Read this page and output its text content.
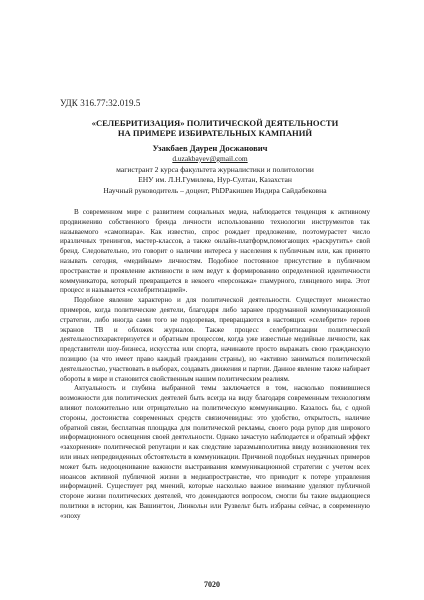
УДК 316.77:32.019.5
«СЕЛЕБРИТИЗАЦИЯ» ПОЛИТИЧЕСКОЙ ДЕЯТЕЛЬНОСТИ
НА ПРИМЕРЕ ИЗБИРАТЕЛЬНЫХ КАМПАНИЙ
Узакбаев Даурен Досжанович
d.uzakbayev@gmail.com
магистрант 2 курса факультета журналистики и политологии
ЕНУ им. Л.Н.Гумилева, Нур-Султан, Казахстан
Научный руководитель – доцент, PhDРакишев Индира Сайдабековна

В современном мире с развитием социальных медиа, наблюдается тенденция к активному продвижению собственного бренда личности использованию технологии инструментов так называемого «самопиара». Как известно, спрос рождает предложение, поэтомурастет число иразличных тренингов, мастер-классов, а также онлайн-платформ,помогающих «раскрутить» свой бренд. Следовательно, это говорит о наличии интереса у населения к публичным или, как принято называть сегодня, «медийным» личностям. Подобное постоянное присутствие в публичном пространстве и проявление активности в нем ведут к формированию определенной идентичности коммуникатора, который превращается в некоего «персонажа» гламурного, глянцевого мира. Этот процесс и называется «селебритизацией».

Подобное явление характерно и для политической деятельности. Существует множество примеров, когда политические деятели, благодаря либо заранее продуманной коммуникационной стратегии, либо иногда сами того не подозревая, превращаются в настоящих «селебрити» героев экранов ТВ и обложек журналов. Также процесс селебритизации политической деятельностихарактеризуется и обратным процессом, когда уже известные медийные личности, как представители шоу-бизнеса, искусства или спорта, начинаюте просто выражать свою гражданскую позицию (за что имеет право каждый гражданин страны), но «активно заниматься политической деятельностью, участвовать в выборах, создавать движения и партии. Данное явление также набирает обороты в мире и становится свойственным нашим политическим реалиям.

Актуальность и глубина выбранной темы заключается в том, насколько появившиеся возможности для политических деятелей быть всегда на виду благодаря современным технологиям влияют положительно или отрицательно на политическую коммуникацию. Казалось бы, с одной стороны, достоинства современных средств связиочевидны: это удобство, открытость, наличие обратной связи, бесплатная площадка для политической рекламы, своего рода рупор для широкого информационного освещения своей деятельности. Однако зачастую наблюдается и обратный эффект «захорнения» политической репутации и как следствие заразмывполитика ввиду возникновения тех или иных непредвиденных обстоятельств в коммуникации. Причиной подобных неудачных примеров может быть недооценивание важности выстраивания коммуникационной стратегии с учетом всех нюансов активной публичной жизни в медиапространстве, что приводит к потере управления информацией. Существует ряд мнений, которые насколько важное внимание уделяют публичной стороне жизни политических деятелей, что дожендаются вопросом, смогли бы такие выдающиеся политики в истории, как Вашингтон, Линкольн или Рузвельт быть избраны сейчас, в современную «эпоху

7020
